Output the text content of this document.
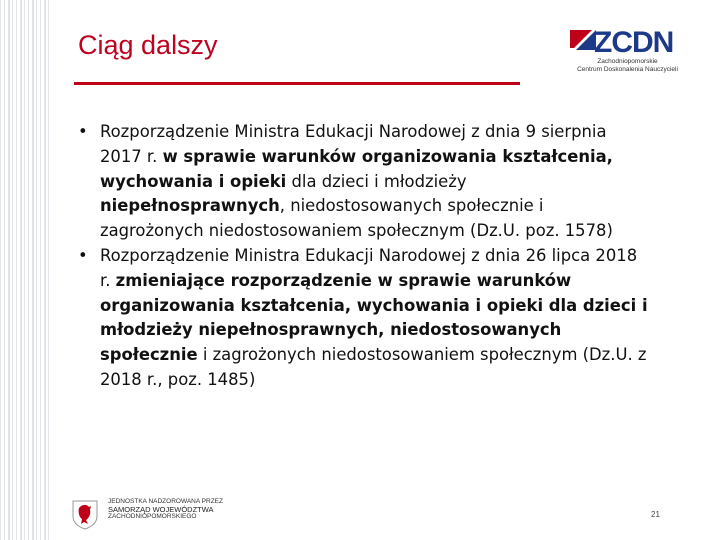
Ciąg dalszy	ZCDN
Zachodniopomorskie
Centrum Doskonalenia Nauczycieli
• Rozporządzenie Ministra Edukacji Narodowej z dnia 9 sierpnia 2017 r. w sprawie warunków organizowania kształcenia, wychowania i opieki dla dzieci i młodzieży niepełnosprawnych, niedostosowanych społecznie i zagrożonych niedostosowaniem społecznym (Dz.U. poz. 1578)
• Rozporządzenie Ministra Edukacji Narodowej z dnia 26 lipca 2018 r. zmieniające rozporządzenie w sprawie warunków organizowania kształcenia, wychowania i opieki dla dzieci i młodzieży niepełnosprawnych, niedostosowanych społecznie i zagrożonych niedostosowaniem społecznym (Dz.U. z 2018 r., poz. 1485)
JEDNOSTKA NADZOROWANA PRZEZ
SAMORZĄD WOJEWÓDZTWA
ZACHODNIOPOMORSKIEGO	21
